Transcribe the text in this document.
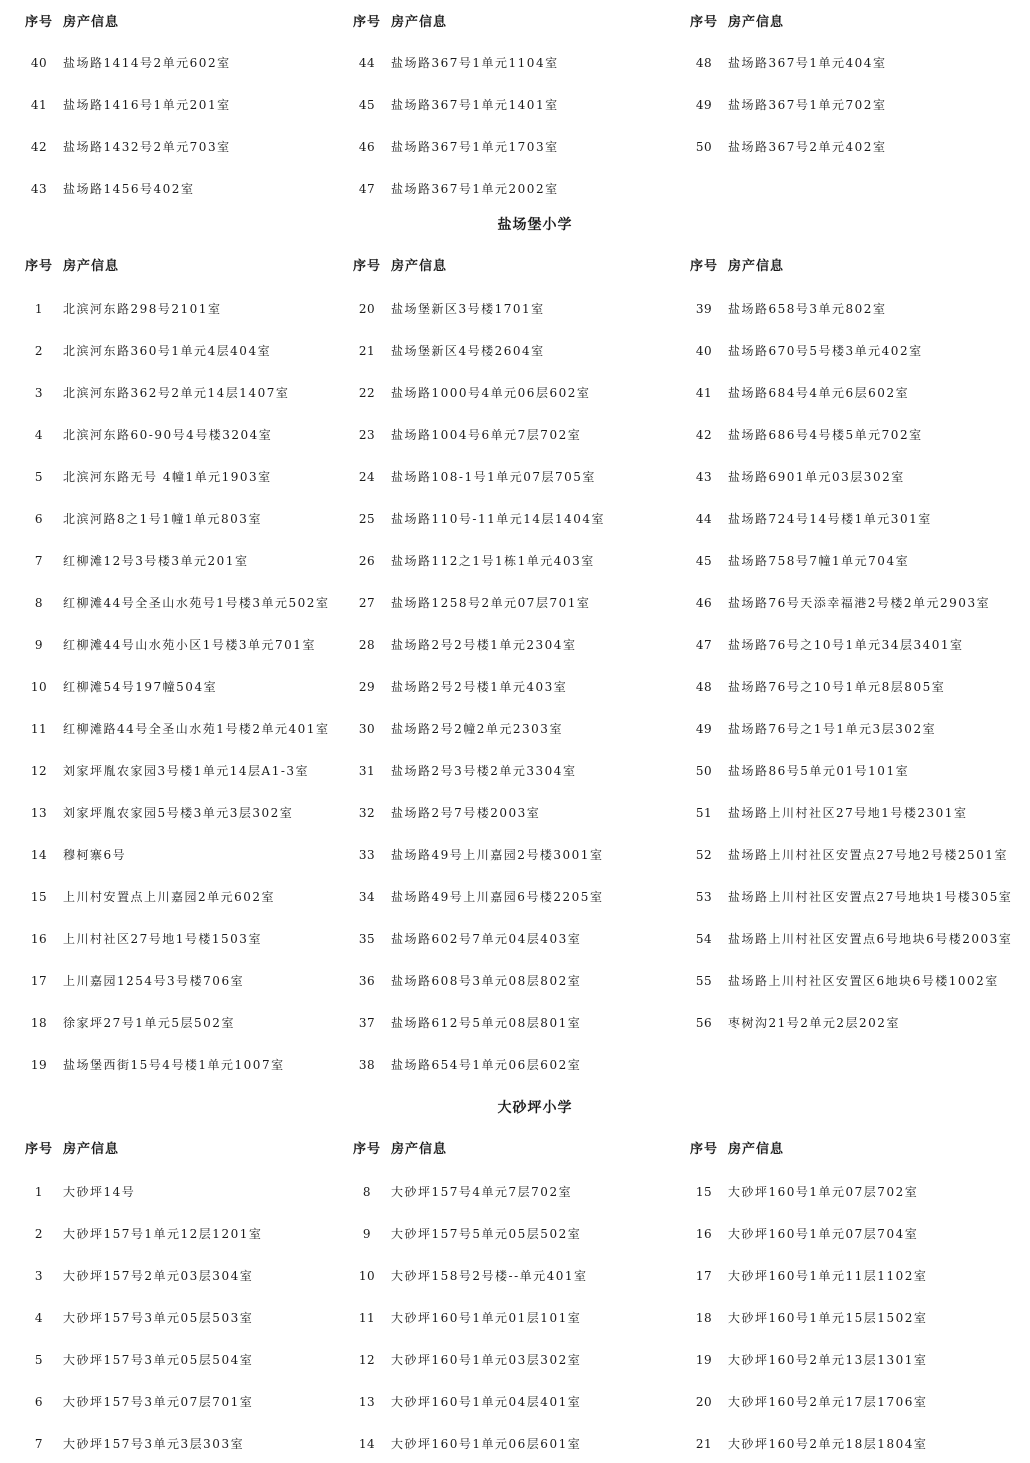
序号 房产信息
40	盐场路1414号2单元602室
41	盐场路1416号1单元201室
42	盐场路1432号2单元703室
43	盐场路1456号402室
序号 房产信息
44	盐场路367号1单元1104室
45	盐场路367号1单元1401室
46	盐场路367号1单元1703室
47	盐场路367号1单元2002室
序号 房产信息
48	盐场路367号1单元404室
49	盐场路367号1单元702室
50	盐场路367号2单元402室
盐场堡小学
序号 房产信息
1	北滨河东路298号2101室
2	北滨河东路360号1单元4层404室
3	北滨河东路362号2单元14层1407室
4	北滨河东路60-90号4号楼3204室
5	北滨河东路无号 4幢1单元1903室
6	北滨河路8之1号1幢1单元803室
7	红柳滩12号3号楼3单元201室
8	红柳滩44号全圣山水苑号1号楼3单元502室
9	红柳滩44号山水苑小区1号楼3单元701室
10	红柳滩54号197幢504室
11	红柳滩路44号全圣山水苑1号楼2单元401室
12	刘家坪胤农家园3号楼1单元14层A1-3室
13	刘家坪胤农家园5号楼3单元3层302室
14	穆柯寨6号
15	上川村安置点上川嘉园2单元602室
16	上川村社区27号地1号楼1503室
17	上川嘉园1254号3号楼706室
18	徐家坪27号1单元5层502室
19	盐场堡西街15号4号楼1单元1007室
序号 房产信息
20	盐场堡新区3号楼1701室
21	盐场堡新区4号楼2604室
22	盐场路1000号4单元06层602室
23	盐场路1004号6单元7层702室
24	盐场路108-1号1单元07层705室
25	盐场路110号-11单元14层1404室
26	盐场路112之1号1栋1单元403室
27	盐场路1258号2单元07层701室
28	盐场路2号2号楼1单元2304室
29	盐场路2号2号楼1单元403室
30	盐场路2号2幢2单元2303室
31	盐场路2号3号楼2单元3304室
32	盐场路2号7号楼2003室
33	盐场路49号上川嘉园2号楼3001室
34	盐场路49号上川嘉园6号楼2205室
35	盐场路602号7单元04层403室
36	盐场路608号3单元08层802室
37	盐场路612号5单元08层801室
38	盐场路654号1单元06层602室
序号 房产信息
39	盐场路658号3单元802室
40	盐场路670号5号楼3单元402室
41	盐场路684号4单元6层602室
42	盐场路686号4号楼5单元702室
43	盐场路6901单元03层302室
44	盐场路724号14号楼1单元301室
45	盐场路758号7幢1单元704室
46	盐场路76号天添幸福港2号楼2单元2903室
47	盐场路76号之10号1单元34层3401室
48	盐场路76号之10号1单元8层805室
49	盐场路76号之1号1单元3层302室
50	盐场路86号5单元01号101室
51	盐场路上川村社区27号地1号楼2301室
52	盐场路上川村社区安置点27号地2号楼2501室
53	盐场路上川村社区安置点27号地块1号楼305室
54	盐场路上川村社区安置点6号地块6号楼2003室
55	盐场路上川村社区安置区6地块6号楼1002室
56	枣树沟21号2单元2层202室
大砂坪小学
序号 房产信息
1	大砂坪14号
2	大砂坪157号1单元12层1201室
3	大砂坪157号2单元03层304室
4	大砂坪157号3单元05层503室
5	大砂坪157号3单元05层504室
6	大砂坪157号3单元07层701室
7	大砂坪157号3单元3层303室
序号 房产信息
8	大砂坪157号4单元7层702室
9	大砂坪157号5单元05层502室
10	大砂坪158号2号楼--单元401室
11	大砂坪160号1单元01层101室
12	大砂坪160号1单元03层302室
13	大砂坪160号1单元04层401室
14	大砂坪160号1单元06层601室
序号 房产信息
15	大砂坪160号1单元07层702室
16	大砂坪160号1单元07层704室
17	大砂坪160号1单元11层1102室
18	大砂坪160号1单元15层1502室
19	大砂坪160号2单元13层1301室
20	大砂坪160号2单元17层1706室
21	大砂坪160号2单元18层1804室
